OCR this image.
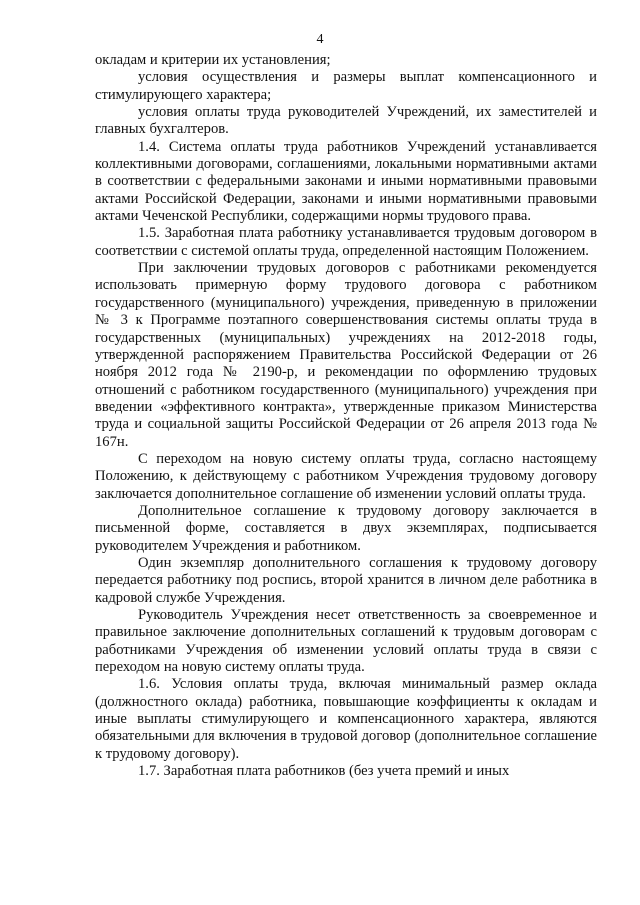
4

окладам и критерии их установления;

условия осуществления и размеры выплат компенсационного и стимулирующего характера;

условия оплаты труда руководителей Учреждений, их заместителей и главных бухгалтеров.

1.4. Система оплаты труда работников Учреждений устанавливается коллективными договорами, соглашениями, локальными нормативными актами в соответствии с федеральными законами и иными нормативными правовыми актами Российской Федерации, законами и иными нормативными правовыми актами Чеченской Республики, содержащими нормы трудового права.

1.5. Заработная плата работнику устанавливается трудовым договором в соответствии с системой оплаты труда, определенной настоящим Положением.

При заключении трудовых договоров с работниками рекомендуется использовать примерную форму трудового договора с работником государственного (муниципального) учреждения, приведенную в приложении № 3 к Программе поэтапного совершенствования системы оплаты труда в государственных (муниципальных) учреждениях на 2012-2018 годы, утвержденной распоряжением Правительства Российской Федерации от 26 ноября 2012 года № 2190-р, и рекомендации по оформлению трудовых отношений с работником государственного (муниципального) учреждения при введении «эффективного контракта», утвержденные приказом Министерства труда и социальной защиты Российской Федерации от 26 апреля 2013 года № 167н.

С переходом на новую систему оплаты труда, согласно настоящему Положению, к действующему с работником Учреждения трудовому договору заключается дополнительное соглашение об изменении условий оплаты труда.

Дополнительное соглашение к трудовому договору заключается в письменной форме, составляется в двух экземплярах, подписывается руководителем Учреждения и работником.

Один экземпляр дополнительного соглашения к трудовому договору передается работнику под роспись, второй хранится в личном деле работника в кадровой службе Учреждения.

Руководитель Учреждения несет ответственность за своевременное и правильное заключение дополнительных соглашений к трудовым договорам с работниками Учреждения об изменении условий оплаты труда в связи с переходом на новую систему оплаты труда.

1.6. Условия оплаты труда, включая минимальный размер оклада (должностного оклада) работника, повышающие коэффициенты к окладам и иные выплаты стимулирующего и компенсационного характера, являются обязательными для включения в трудовой договор (дополнительное соглашение к трудовому договору).

1.7. Заработная плата работников (без учета премий и иных
